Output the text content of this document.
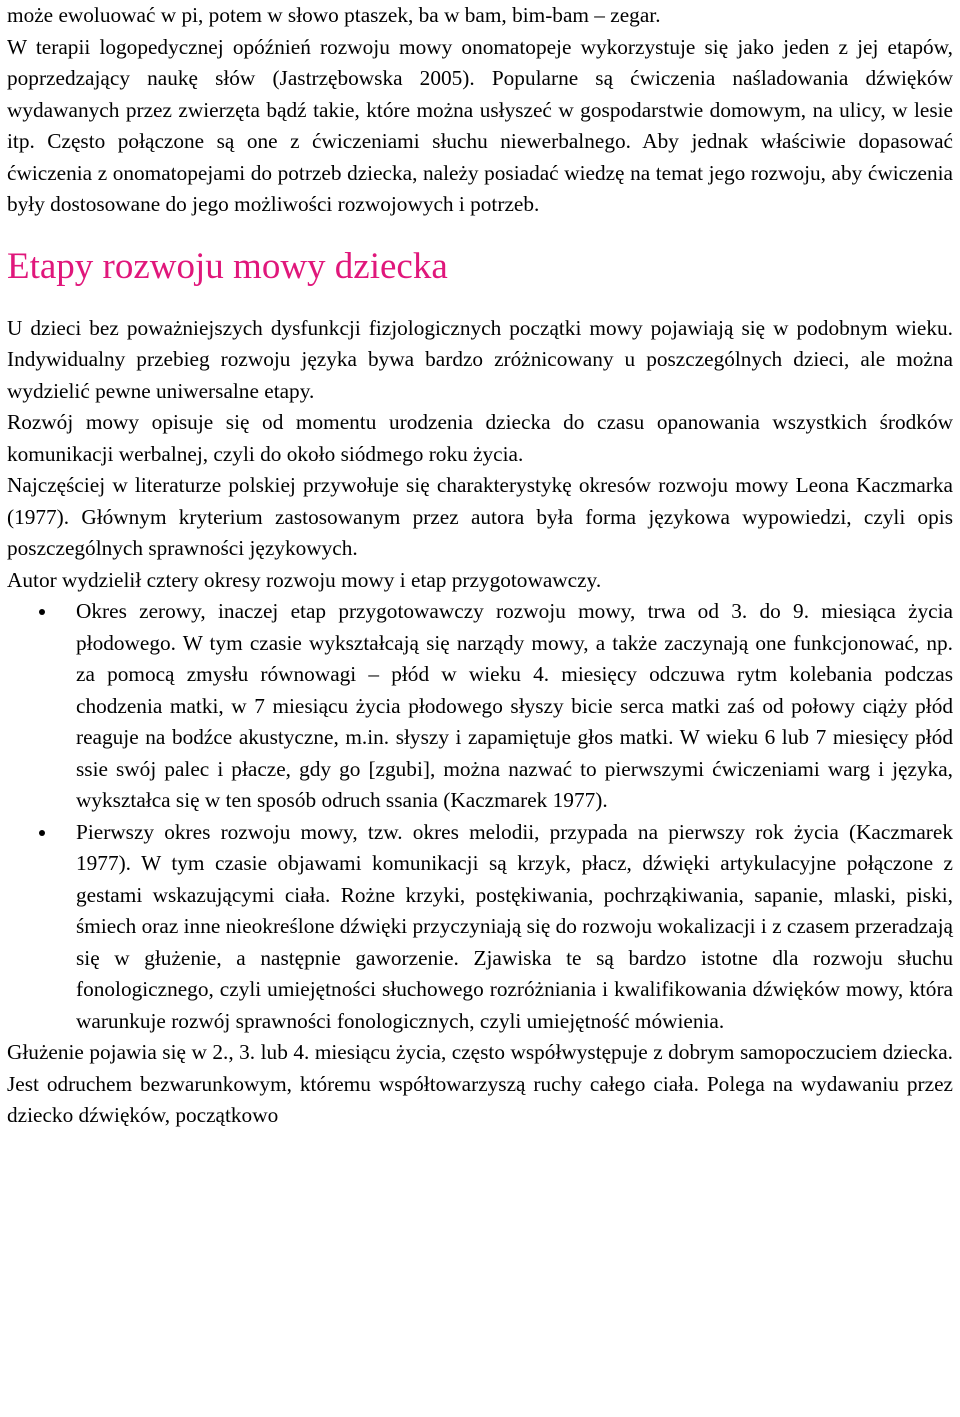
może ewoluować w pi, potem w słowo ptaszek, ba w bam, bim-bam – zegar.

W terapii logopedycznej opóźnień rozwoju mowy onomatopeje wykorzystuje się jako jeden z jej etapów, poprzedzający naukę słów (Jastrzębowska 2005). Popularne są ćwiczenia naśladowania dźwięków wydawanych przez zwierzęta bądź takie, które można usłyszeć w gospodarstwie domowym, na ulicy, w lesie itp. Często połączone są one z ćwiczeniami słuchu niewerbalnego. Aby jednak właściwie dopasować ćwiczenia z onomatopejami do potrzeb dziecka, należy posiadać wiedzę na temat jego rozwoju, aby ćwiczenia były dostosowane do jego możliwości rozwojowych i potrzeb.

Etapy rozwoju mowy dziecka

U dzieci bez poważniejszych dysfunkcji fizjologicznych początki mowy pojawiają się w podobnym wieku. Indywidualny przebieg rozwoju języka bywa bardzo zróżnicowany u poszczególnych dzieci, ale można wydzielić pewne uniwersalne etapy.

Rozwój mowy opisuje się od momentu urodzenia dziecka do czasu opanowania wszystkich środków komunikacji werbalnej, czyli do około siódmego roku życia.

Najczęściej w literaturze polskiej przywołuje się charakterystykę okresów rozwoju mowy Leona Kaczmarka (1977). Głównym kryterium zastosowanym przez autora była forma językowa wypowiedzi, czyli opis poszczególnych sprawności językowych.

Autor wydzielił cztery okresy rozwoju mowy i etap przygotowawczy.

Okres zerowy, inaczej etap przygotowawczy rozwoju mowy, trwa od 3. do 9. miesiąca życia płodowego. W tym czasie wykształcają się narządy mowy, a także zaczynają one funkcjonować, np. za pomocą zmysłu równowagi – płód w wieku 4. miesięcy odczuwa rytm kolebania podczas chodzenia matki, w 7 miesiącu życia płodowego słyszy bicie serca matki zaś od połowy ciąży płód reaguje na bodźce akustyczne, m.in. słyszy i zapamiętuje głos matki. W wieku 6 lub 7 miesięcy płód ssie swój palec i płacze, gdy go [zgubi], można nazwać to pierwszymi ćwiczeniami warg i języka, wykształca się w ten sposób odruch ssania (Kaczmarek 1977).
Pierwszy okres rozwoju mowy, tzw. okres melodii, przypada na pierwszy rok życia (Kaczmarek 1977). W tym czasie objawami komunikacji są krzyk, płacz, dźwięki artykulacyjne połączone z gestami wskazującymi ciała. Rożne krzyki, postękiwania, pochrząkiwania, sapanie, mlaski, piski, śmiech oraz inne nieokreślone dźwięki przyczyniają się do rozwoju wokalizacji i z czasem przeradzają się w głużenie, a następnie gaworzenie. Zjawiska te są bardzo istotne dla rozwoju słuchu fonologicznego, czyli umiejętności słuchowego rozróżniania i kwalifikowania dźwięków mowy, która warunkuje rozwój sprawności fonologicznych, czyli umiejętność mówienia.

Głużenie pojawia się w 2., 3. lub 4. miesiącu życia, często współwystępuje z dobrym samopoczuciem dziecka. Jest odruchem bezwarunkowym, któremu współtowarzyszą ruchy całego ciała. Polega na wydawaniu przez dziecko dźwięków, początkowo
